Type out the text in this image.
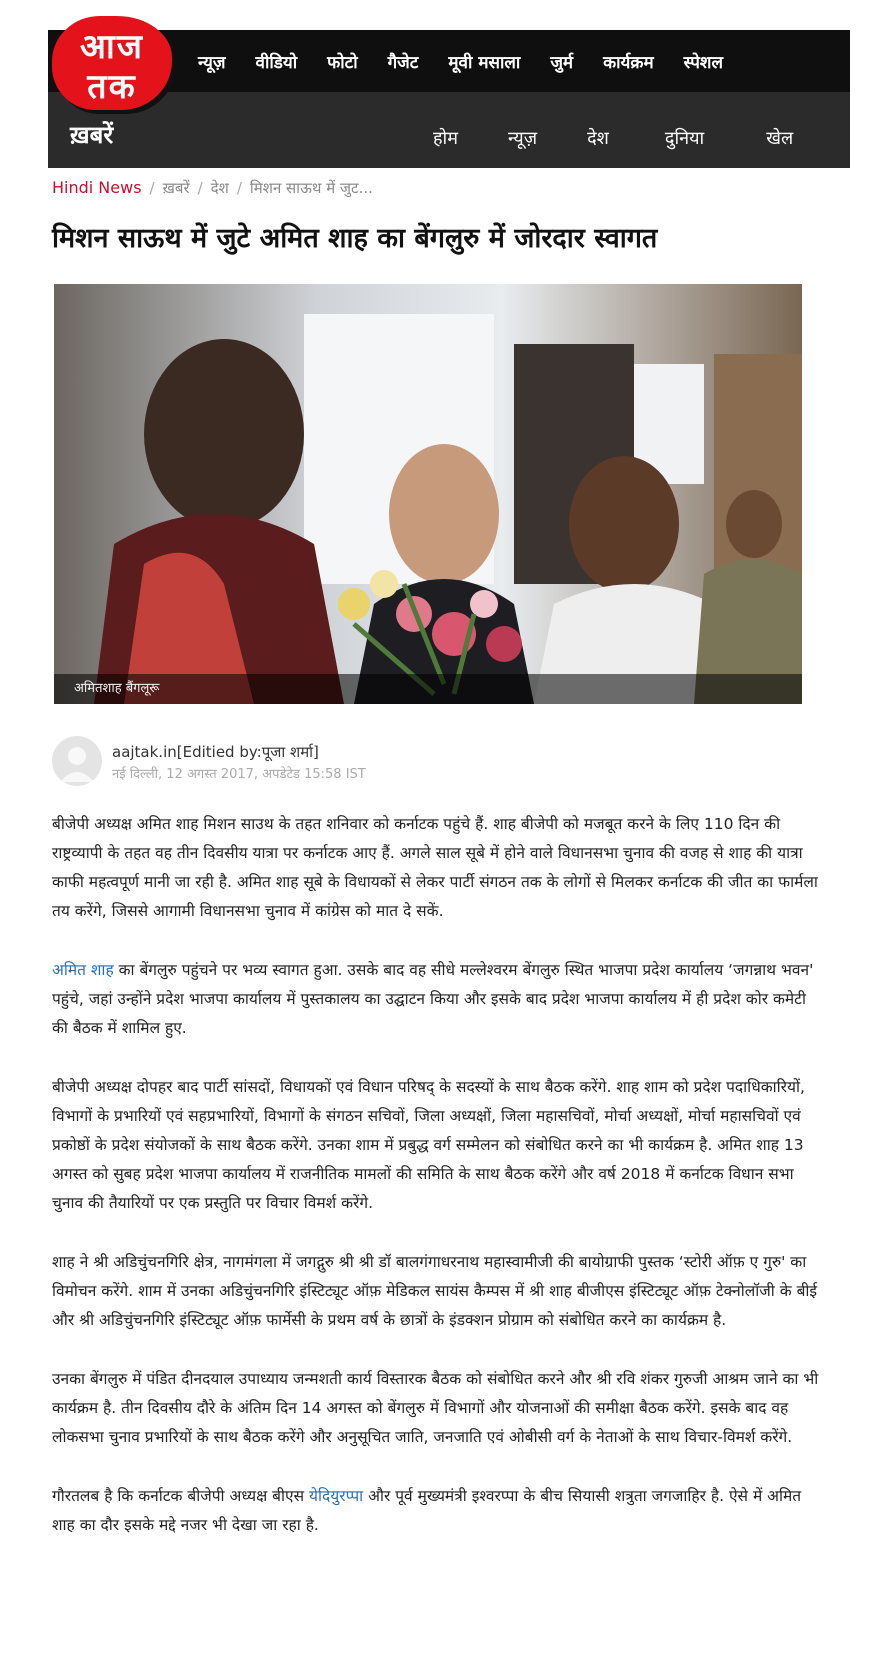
आज
तक
न्यूज़ वीडियो फोटो गैजेट मूवी मसाला जुर्म कार्यक्रम स्पेशल
ख़बरें	होम	न्यूज़	देश	दुनिया	खेल
Hindi News / ख़बरें / देश / मिशन साऊथ में जुट...
मिशन साऊथ में जुटे अमित शाह का बेंगलुरु में जोरदार स्वागत
अमितशाह बैंगलूरू
aajtak.in[Editied by:पूजा शर्मा]
नई दिल्ली, 12 अगस्त 2017, अपडेटेड 15:58 IST

बीजेपी अध्यक्ष अमित शाह मिशन साउथ के तहत शनिवार को कर्नाटक पहुंचे हैं. शाह बीजेपी को मजबूत करने के लिए 110 दिन की राष्ट्रव्यापी के तहत वह तीन दिवसीय यात्रा पर कर्नाटक आए हैं. अगले साल सूबे में होने वाले विधानसभा चुनाव की वजह से शाह की यात्रा काफी महत्वपूर्ण मानी जा रही है. अमित शाह सूबे के विधायकों से लेकर पार्टी संगठन तक के लोगों से मिलकर कर्नाटक की जीत का फार्मला तय करेंगे, जिससे आगामी विधानसभा चुनाव में कांग्रेस को मात दे सकें.

अमित शाह का बेंगलुरु पहुंचने पर भव्य स्वागत हुआ. उसके बाद वह सीधे मल्लेश्वरम बेंगलुरु स्थित भाजपा प्रदेश कार्यालय ‘जगन्नाथ भवन' पहुंचे, जहां उन्होंने प्रदेश भाजपा कार्यालय में पुस्तकालय का उद्घाटन किया और इसके बाद प्रदेश भाजपा कार्यालय में ही प्रदेश कोर कमेटी की बैठक में शामिल हुए.

बीजेपी अध्यक्ष दोपहर बाद पार्टी सांसदों, विधायकों एवं विधान परिषद् के सदस्यों के साथ बैठक करेंगे. शाह शाम को प्रदेश पदाधिकारियों, विभागों के प्रभारियों एवं सहप्रभारियों, विभागों के संगठन सचिवों, जिला अध्यक्षों, जिला महासचिवों, मोर्चा अध्यक्षों, मोर्चा महासचिवों एवं प्रकोष्ठों के प्रदेश संयोजकों के साथ बैठक करेंगे. उनका शाम में प्रबुद्ध वर्ग सम्मेलन को संबोधित करने का भी कार्यक्रम है. अमित शाह 13 अगस्त को सुबह प्रदेश भाजपा कार्यालय में राजनीतिक मामलों की समिति के साथ बैठक करेंगे और वर्ष 2018 में कर्नाटक विधान सभा चुनाव की तैयारियों पर एक प्रस्तुति पर विचार विमर्श करेंगे.

शाह ने श्री अडिचुंचनगिरि क्षेत्र, नागमंगला में जगद्गुरु श्री श्री डॉ बालगंगाधरनाथ महास्वामीजी की बायोग्राफी पुस्तक ‘स्टोरी ऑफ़ ए गुरु' का विमोचन करेंगे. शाम में उनका अडिचुंचनगिरि इंस्टिट्यूट ऑफ़ मेडिकल सायंस कैम्पस में श्री शाह बीजीएस इंस्टिट्यूट ऑफ़ टेक्नोलॉजी के बीई और श्री अडिचुंचनगिरि इंस्टिट्यूट ऑफ़ फार्मेसी के प्रथम वर्ष के छात्रों के इंडक्शन प्रोग्राम को संबोधित करने का कार्यक्रम है.

उनका बेंगलुरु में पंडित दीनदयाल उपाध्याय जन्मशती कार्य विस्तारक बैठक को संबोधित करने और श्री रवि शंकर गुरुजी आश्रम जाने का भी कार्यक्रम है. तीन दिवसीय दौरे के अंतिम दिन 14 अगस्त को बेंगलुरु में विभागों और योजनाओं की समीक्षा बैठक करेंगे. इसके बाद वह लोकसभा चुनाव प्रभारियों के साथ बैठक करेंगे और अनुसूचित जाति, जनजाति एवं ओबीसी वर्ग के नेताओं के साथ विचार-विमर्श करेंगे.

गौरतलब है कि कर्नाटक बीजेपी अध्यक्ष बीएस येदियुरप्पा और पूर्व मुख्यमंत्री इश्वरप्पा के बीच सियासी शत्रुता जगजाहिर है. ऐसे में अमित शाह का दौर इसके मद्दे नजर भी देखा जा रहा है.
